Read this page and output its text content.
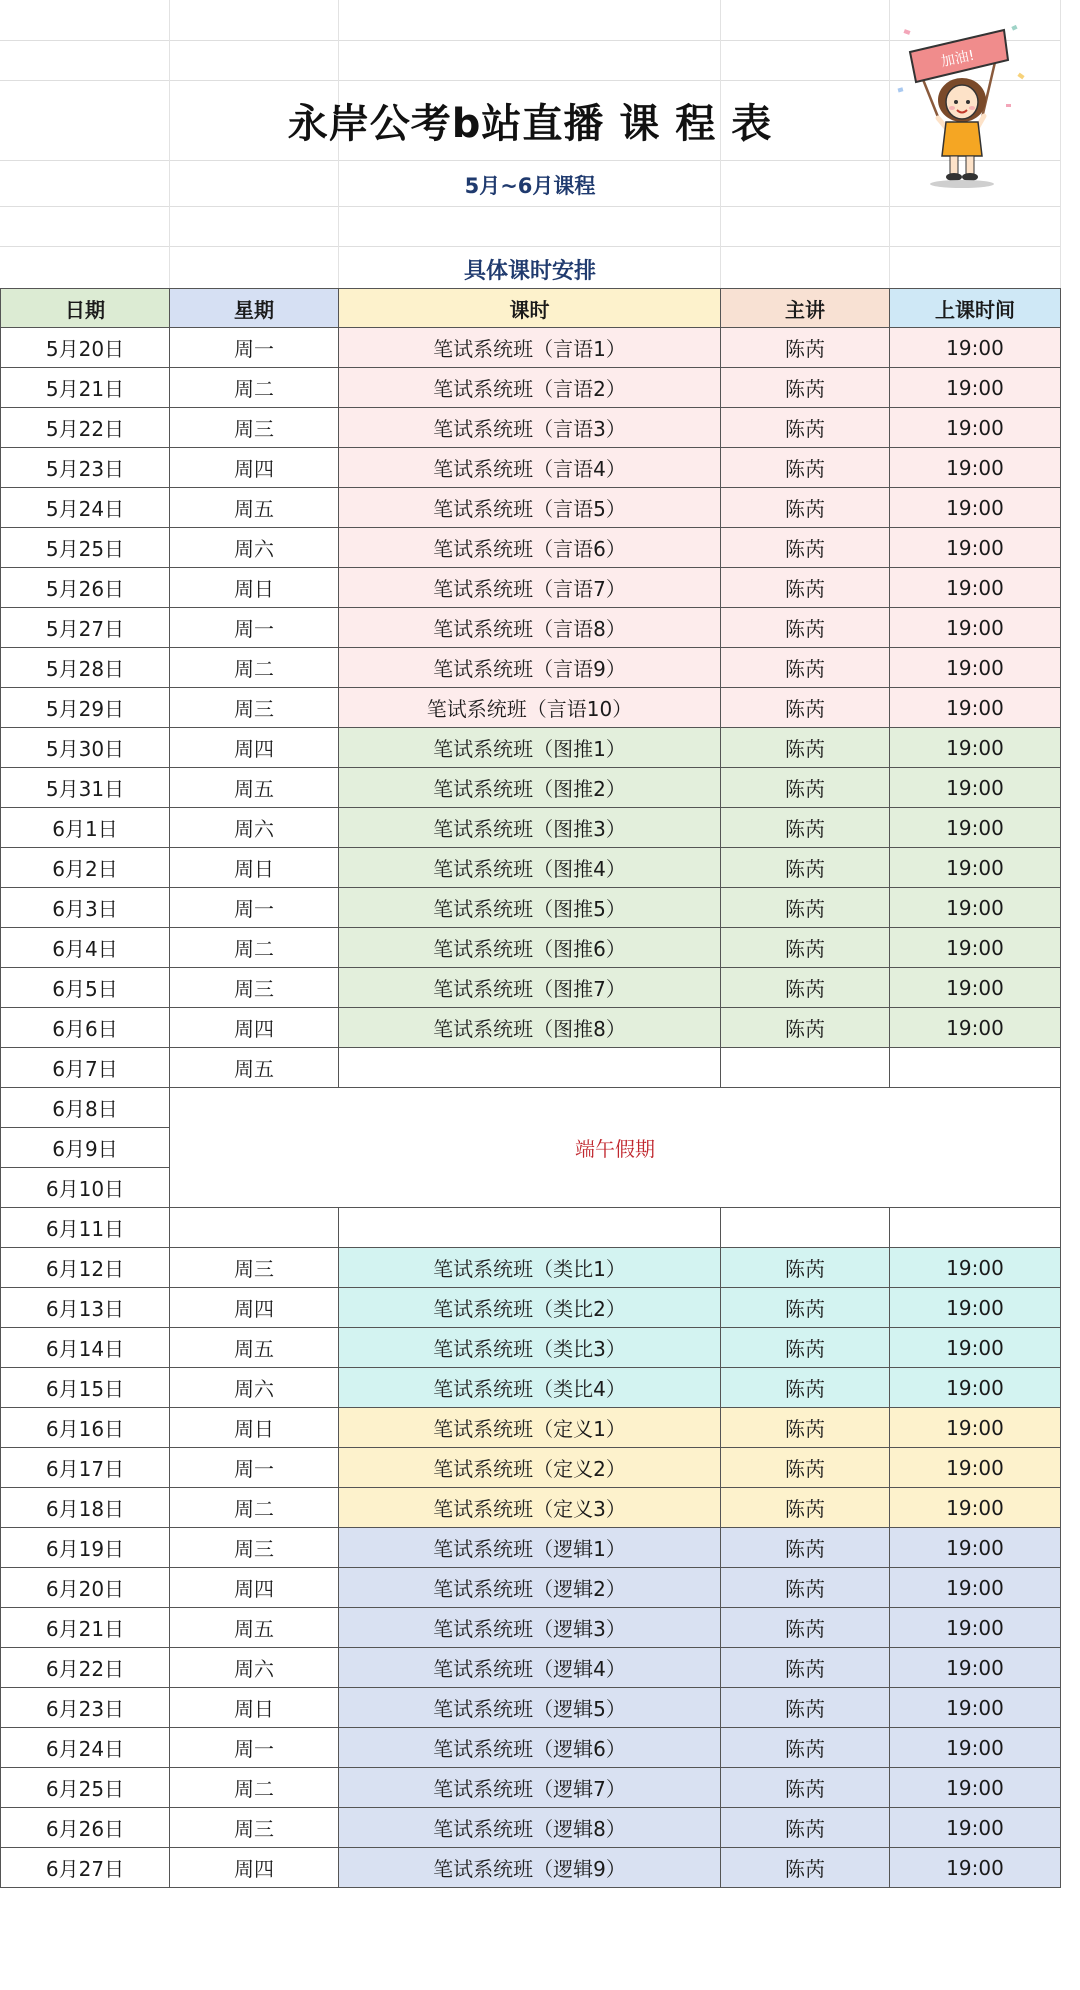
永岸公考b站直播 课 程 表
5月~6月课程
具体课时安排
加油!
日期	星期	课时	主讲	上课时间
5月20日	周一	笔试系统班（言语1）	陈芮	19:00
5月21日	周二	笔试系统班（言语2）	陈芮	19:00
5月22日	周三	笔试系统班（言语3）	陈芮	19:00
5月23日	周四	笔试系统班（言语4）	陈芮	19:00
5月24日	周五	笔试系统班（言语5）	陈芮	19:00
5月25日	周六	笔试系统班（言语6）	陈芮	19:00
5月26日	周日	笔试系统班（言语7）	陈芮	19:00
5月27日	周一	笔试系统班（言语8）	陈芮	19:00
5月28日	周二	笔试系统班（言语9）	陈芮	19:00
5月29日	周三	笔试系统班（言语10）	陈芮	19:00
5月30日	周四	笔试系统班（图推1）	陈芮	19:00
5月31日	周五	笔试系统班（图推2）	陈芮	19:00
6月1日	周六	笔试系统班（图推3）	陈芮	19:00
6月2日	周日	笔试系统班（图推4）	陈芮	19:00
6月3日	周一	笔试系统班（图推5）	陈芮	19:00
6月4日	周二	笔试系统班（图推6）	陈芮	19:00
6月5日	周三	笔试系统班（图推7）	陈芮	19:00
6月6日	周四	笔试系统班（图推8）	陈芮	19:00
6月7日	周五			
6月8日	端午假期			
6月9日				
6月10日				
6月11日				
6月12日	周三	笔试系统班（类比1）	陈芮	19:00
6月13日	周四	笔试系统班（类比2）	陈芮	19:00
6月14日	周五	笔试系统班（类比3）	陈芮	19:00
6月15日	周六	笔试系统班（类比4）	陈芮	19:00
6月16日	周日	笔试系统班（定义1）	陈芮	19:00
6月17日	周一	笔试系统班（定义2）	陈芮	19:00
6月18日	周二	笔试系统班（定义3）	陈芮	19:00
6月19日	周三	笔试系统班（逻辑1）	陈芮	19:00
6月20日	周四	笔试系统班（逻辑2）	陈芮	19:00
6月21日	周五	笔试系统班（逻辑3）	陈芮	19:00
6月22日	周六	笔试系统班（逻辑4）	陈芮	19:00
6月23日	周日	笔试系统班（逻辑5）	陈芮	19:00
6月24日	周一	笔试系统班（逻辑6）	陈芮	19:00
6月25日	周二	笔试系统班（逻辑7）	陈芮	19:00
6月26日	周三	笔试系统班（逻辑8）	陈芮	19:00
6月27日	周四	笔试系统班（逻辑9）	陈芮	19:00
